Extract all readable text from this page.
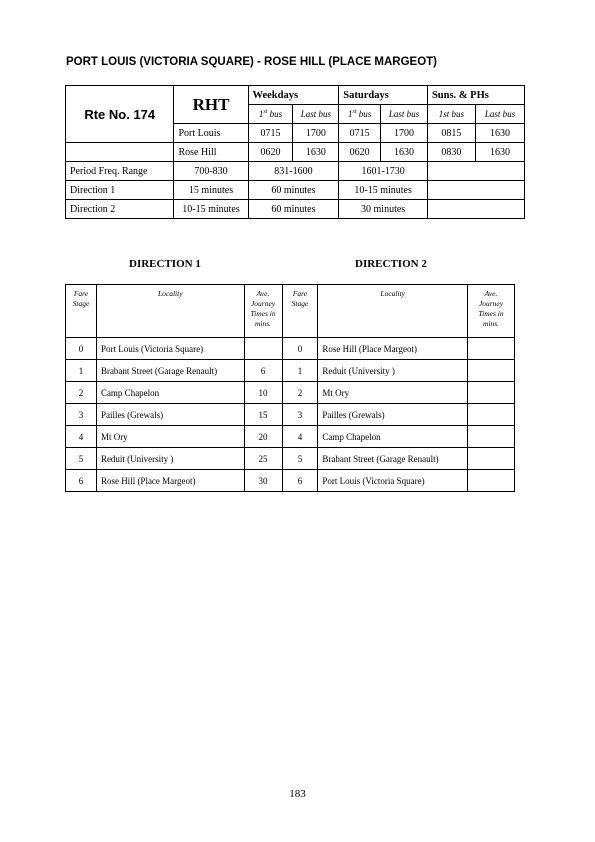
PORT LOUIS (VICTORIA SQUARE) - ROSE HILL (PLACE MARGEOT)
Rte No. 174	RHT	Weekdays		Saturdays		Suns. & PHs	
		1st bus	Last bus	1st bus	Last bus	1st bus	Last bus
	Port Louis	0715	1700	0715	1700	0815	1630
	Rose Hill	0620	1630	0620	1630	0830	1630
Period Freq. Range	700-830	831-1600		1601-1730			
Direction 1	15 minutes	60 minutes		10-15 minutes			
Direction 2	10-15 minutes	60 minutes		30 minutes			
DIRECTION 1	DIRECTION 2
Fare
Stage	Locality	Ave.
Journey
Times in
mins.	Fare
Stage	Locality	Ave.
Journey
Times in
mins.
0	Port Louis (Victoria Square)		0	Rose Hill (Place Margeot)	
1	Brabant Street (Garage Renault)	6	1	Reduit (University )	
2	Camp Chapelon	10	2	Mt Ory	
3	Pailles (Grewals)	15	3	Pailles (Grewals)	
4	Mt Ory	20	4	Camp Chapelon	
5	Reduit (University )	25	5	Brabant Street (Garage Renault)	
6	Rose Hill (Place Margeot)	30	6	Port Louis (Victoria Square)	
183
